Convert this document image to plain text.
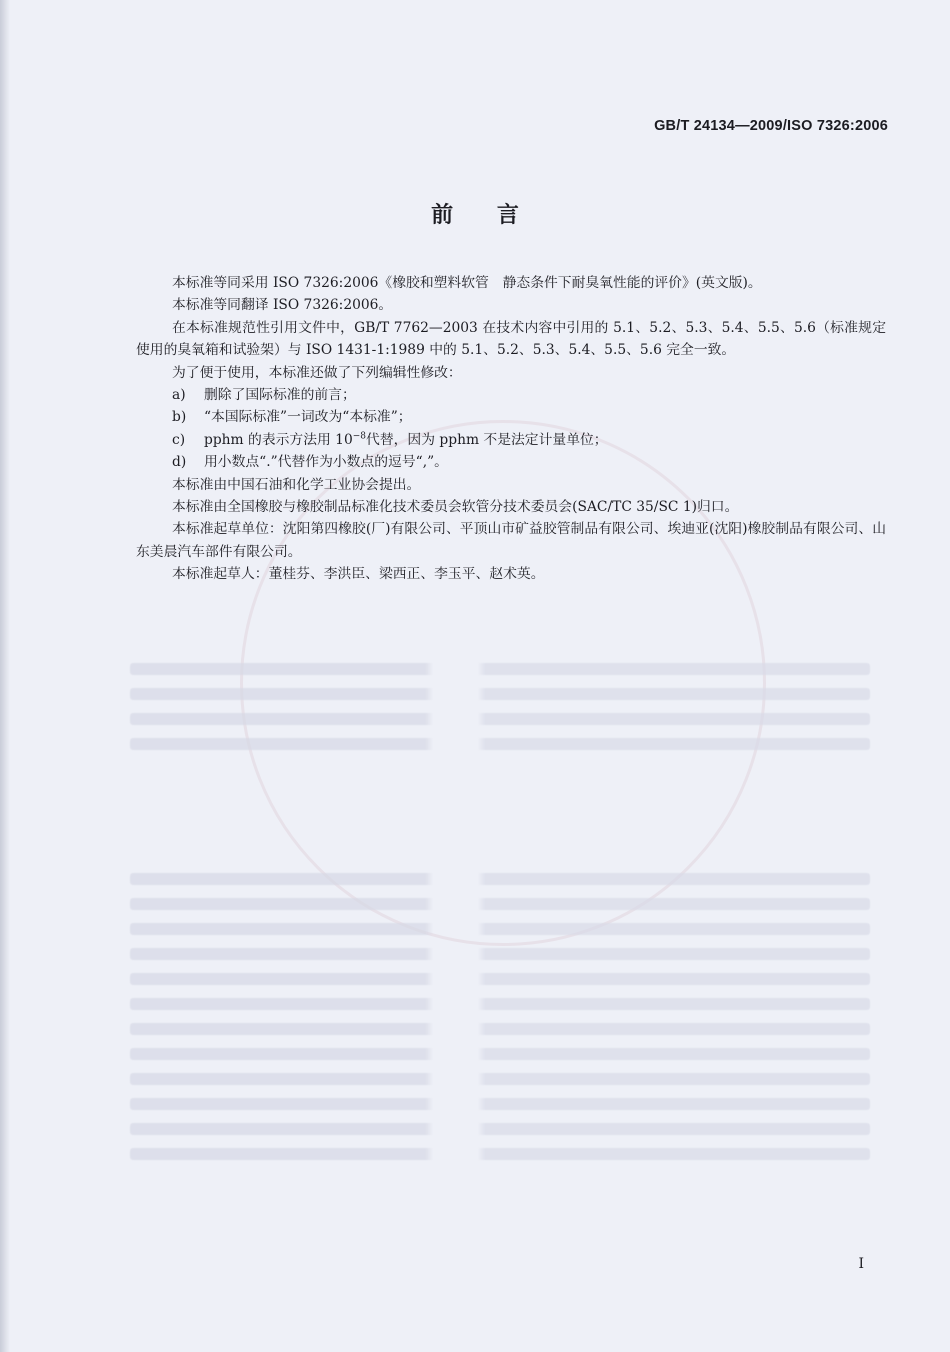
GB/T 24134—2009/ISO 7326:2006
前 言

本标准等同采用 ISO 7326:2006《橡胶和塑料软管　静态条件下耐臭氧性能的评价》(英文版)。

本标准等同翻译 ISO 7326:2006。

在本标准规范性引用文件中，GB/T 7762—2003 在技术内容中引用的 5.1、5.2、5.3、5.4、5.5、5.6（标准规定使用的臭氧箱和试验架）与 ISO 1431-1:1989 中的 5.1、5.2、5.3、5.4、5.5、5.6 完全一致。

为了便于使用，本标准还做了下列编辑性修改：

a) 删除了国际标准的前言；

b) “本国际标准”一词改为“本标准”；

c) pphm 的表示方法用 $10^{-8}$代替，因为 pphm 不是法定计量单位；

d) 用小数点“.”代替作为小数点的逗号“,”。

本标准由中国石油和化学工业协会提出。

本标准由全国橡胶与橡胶制品标准化技术委员会软管分技术委员会(SAC/TC 35/SC 1)归口。

本标准起草单位：沈阳第四橡胶(厂)有限公司、平顶山市矿益胶管制品有限公司、埃迪亚(沈阳)橡胶制品有限公司、山东美晨汽车部件有限公司。

本标准起草人：董桂芬、李洪臣、梁西正、李玉平、赵术英。

I
